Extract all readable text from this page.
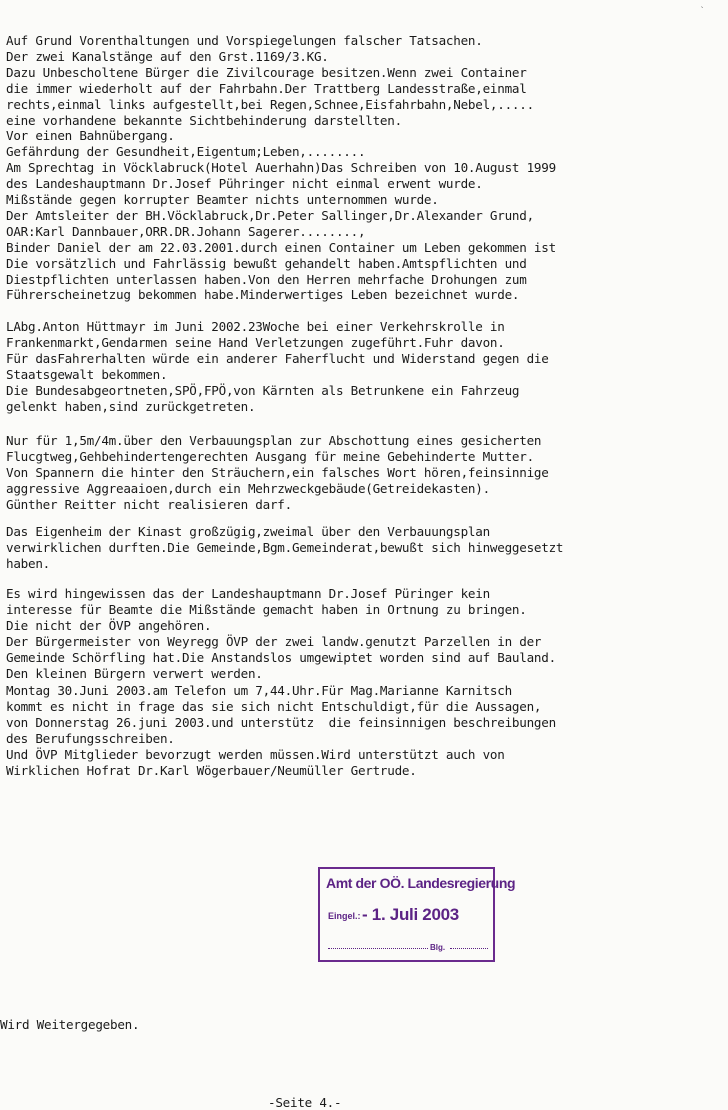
Auf Grund Vorenthaltungen und Vorspiegelungen falscher Tatsachen.
Der zwei Kanalstänge auf den Grst.1169/3.KG.
Dazu Unbescholtene Bürger die Zivilcourage besitzen.Wenn zwei Container
die immer wiederholt auf der Fahrbahn.Der Trattberg Landesstraße,einmal
rechts,einmal links aufgestellt,bei Regen,Schnee,Eisfahrbahn,Nebel,.....
eine vorhandene bekannte Sichtbehinderung darstellten.
Vor einen Bahnübergang.
Gefährdung der Gesundheit,Eigentum;Leben,........
Am Sprechtag in Vöcklabruck(Hotel Auerhahn)Das Schreiben von 10.August 1999
des Landeshauptmann Dr.Josef Pühringer nicht einmal erwent wurde.
Mißstände gegen korrupter Beamter nichts unternommen wurde.
Der Amtsleiter der BH.Vöcklabruck,Dr.Peter Sallinger,Dr.Alexander Grund,
OAR:Karl Dannbauer,ORR.DR.Johann Sagerer........,
Binder Daniel der am 22.03.2001.durch einen Container um Leben gekommen ist
Die vorsätzlich und Fahrlässig bewußt gehandelt haben.Amtspflichten und
Diestpflichten unterlassen haben.Von den Herren mehrfache Drohungen zum
Führerscheinetzug bekommen habe.Minderwertiges Leben bezeichnet wurde.
LAbg.Anton Hüttmayr im Juni 2002.23Woche bei einer Verkehrskrolle in
Frankenmarkt,Gendarmen seine Hand Verletzungen zugeführt.Fuhr davon.
Für dasFahrerhalten würde ein anderer Faherflucht und Widerstand gegen die
Staatsgewalt bekommen.
Die Bundesabgeortneten,SPÖ,FPÖ,von Kärnten als Betrunkene ein Fahrzeug
gelenkt haben,sind zurückgetreten.
Nur für 1,5m/4m.über den Verbauungsplan zur Abschottung eines gesicherten
Flucgtweg,Gehbehindertengerechten Ausgang für meine Gebehinderte Mutter.
Von Spannern die hinter den Sträuchern,ein falsches Wort hören,feinsinnige
aggressive Aggreaaioen,durch ein Mehrzweckgebäude(Getreidekasten).
Günther Reitter nicht realisieren darf.
Das Eigenheim der Kinast großzügig,zweimal über den Verbauungsplan
verwirklichen durften.Die Gemeinde,Bgm.Gemeinderat,bewußt sich hinweggesetzt
haben.
Es wird hingewissen das der Landeshauptmann Dr.Josef Püringer kein
interesse für Beamte die Mißstände gemacht haben in Ortnung zu bringen.
Die nicht der ÖVP angehören.
Der Bürgermeister von Weyregg ÖVP der zwei landw.genutzt Parzellen in der
Gemeinde Schörfling hat.Die Anstandslos umgewiptet worden sind auf Bauland.
Den kleinen Bürgern verwert werden.
Montag 30.Juni 2003.am Telefon um 7,44.Uhr.Für Mag.Marianne Karnitsch
kommt es nicht in frage das sie sich nicht Entschuldigt,für die Aussagen,
von Donnerstag 26.juni 2003.und unterstütz  die feinsinnigen beschreibungen
des Berufungsschreiben.
Und ÖVP Mitglieder bevorzugt werden müssen.Wird unterstützt auch von
Wirklichen Hofrat Dr.Karl Wögerbauer/Neumüller Gertrude.
Amt der OÖ. Landesregierung
Eingel.: - 1. Juli 2003
Blg.
Wird Weitergegeben.
-Seite 4.-
`
